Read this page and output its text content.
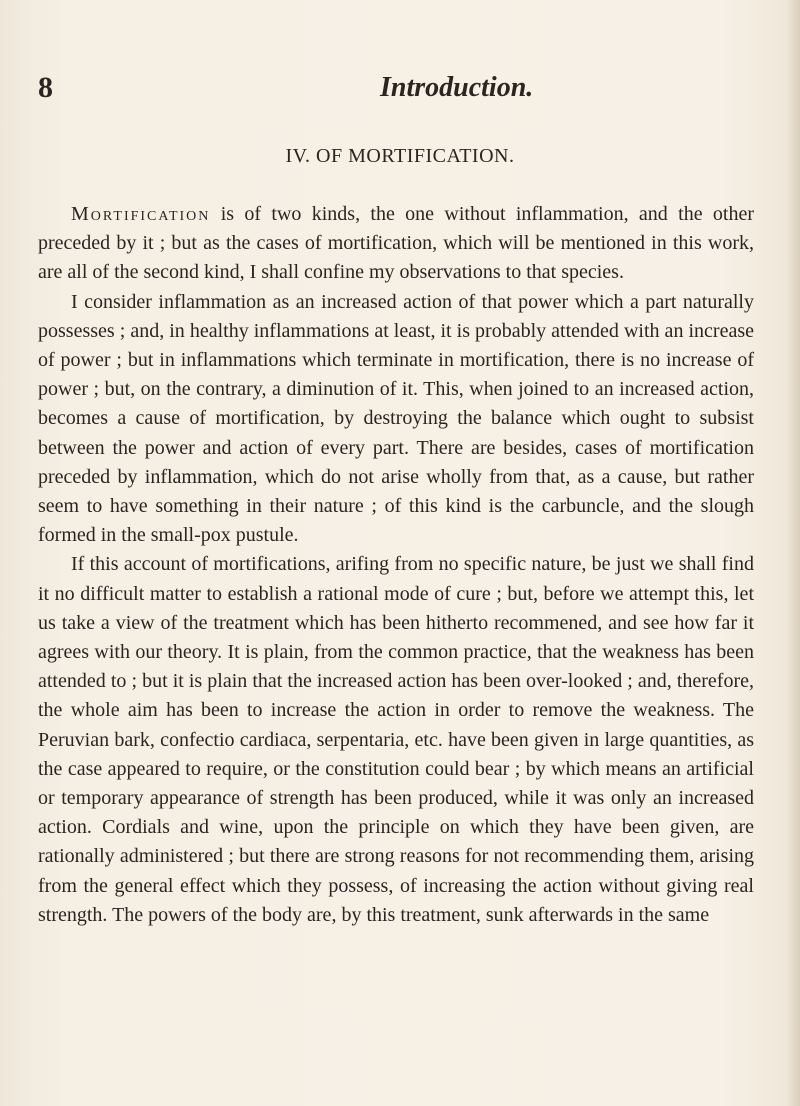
8	Introduction.
IV. OF MORTIFICATION.

Mortification is of two kinds, the one without inflammation, and the other preceded by it ; but as the cases of mortification, which will be mentioned in this work, are all of the second kind, I shall confine my observations to that species.

I consider inflammation as an increased action of that power which a part naturally possesses ; and, in healthy inflammations at least, it is probably attended with an increase of power ; but in inflammations which terminate in mortification, there is no increase of power ; but, on the contrary, a diminution of it. This, when joined to an increased action, becomes a cause of mortification, by destroying the balance which ought to subsist between the power and action of every part. There are besides, cases of mortification preceded by inflammation, which do not arise wholly from that, as a cause, but rather seem to have something in their nature ; of this kind is the carbuncle, and the slough formed in the small-pox pustule.

If this account of mortifications, arifing from no specific nature, be just we shall find it no difficult matter to establish a rational mode of cure ; but, before we attempt this, let us take a view of the treatment which has been hitherto recommened, and see how far it agrees with our theory. It is plain, from the common practice, that the weakness has been attended to ; but it is plain that the increased action has been over-looked ; and, therefore, the whole aim has been to increase the action in order to remove the weakness. The Peruvian bark, confectio cardiaca, serpentaria, etc. have been given in large quantities, as the case appeared to require, or the constitution could bear ; by which means an artificial or temporary appearance of strength has been produced, while it was only an increased action. Cordials and wine, upon the principle on which they have been given, are rationally administered ; but there are strong reasons for not recommending them, arising from the general effect which they possess, of increasing the action without giving real strength. The powers of the body are, by this treatment, sunk afterwards in the same
